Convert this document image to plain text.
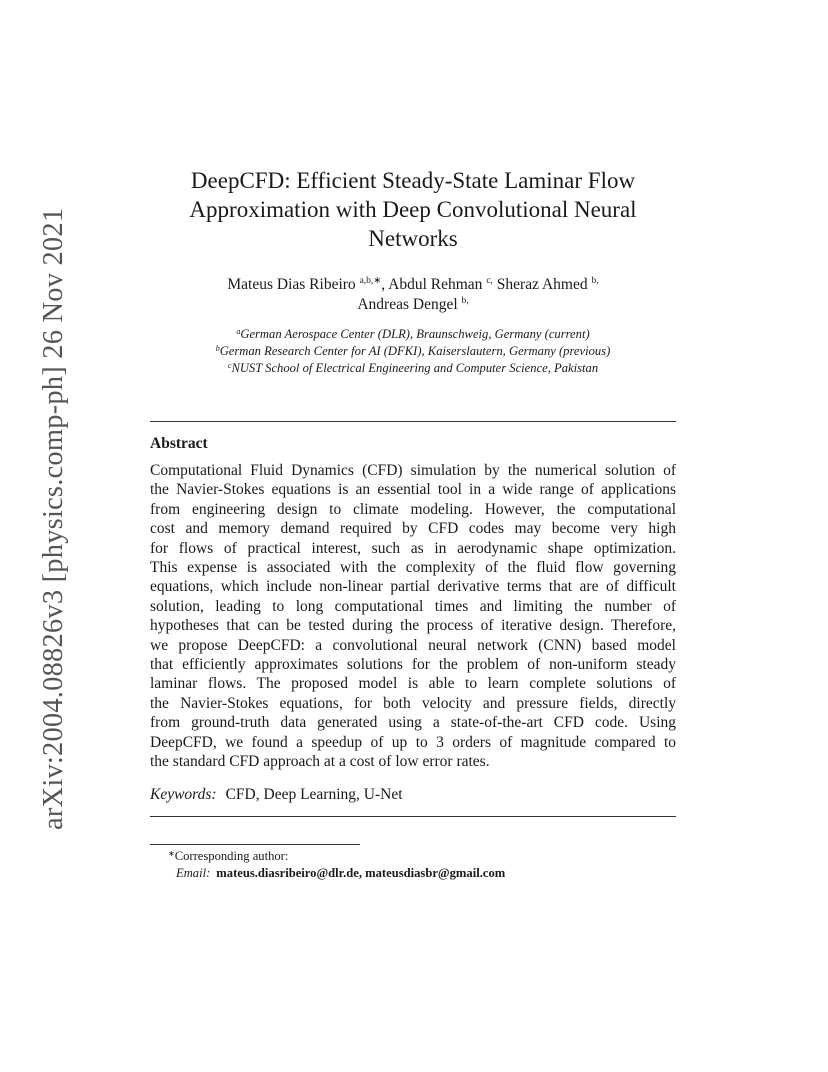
arXiv:2004.08826v3 [physics.comp-ph] 26 Nov 2021
DeepCFD: Efficient Steady-State Laminar Flow
Approximation with Deep Convolutional Neural
Networks
Mateus Dias Ribeiro $^{a,b,∗}$, Abdul Rehman $^{c,}$ Sheraz Ahmed $^{b,}$
Andreas Dengel $^{b,}$
$^a$German Aerospace Center (DLR), Braunschweig, Germany (current)
$^b$German Research Center for AI (DFKI), Kaiserslautern, Germany (previous)
$^c$NUST School of Electrical Engineering and Computer Science, Pakistan
Abstract
Computational Fluid Dynamics (CFD) simulation by the numerical solution of
the Navier-Stokes equations is an essential tool in a wide range of applications
from engineering design to climate modeling. However, the computational
cost and memory demand required by CFD codes may become very high
for flows of practical interest, such as in aerodynamic shape optimization.
This expense is associated with the complexity of the fluid flow governing
equations, which include non-linear partial derivative terms that are of difficult
solution, leading to long computational times and limiting the number of
hypotheses that can be tested during the process of iterative design. Therefore,
we propose DeepCFD: a convolutional neural network (CNN) based model
that efficiently approximates solutions for the problem of non-uniform steady
laminar flows. The proposed model is able to learn complete solutions of
the Navier-Stokes equations, for both velocity and pressure fields, directly
from ground-truth data generated using a state-of-the-art CFD code. Using
DeepCFD, we found a speedup of up to 3 orders of magnitude compared to
the standard CFD approach at a cost of low error rates.
Keywords: CFD, Deep Learning, U-Net
∗Corresponding author:
Email: mateus.diasribeiro@dlr.de, mateusdiasbr@gmail.com
